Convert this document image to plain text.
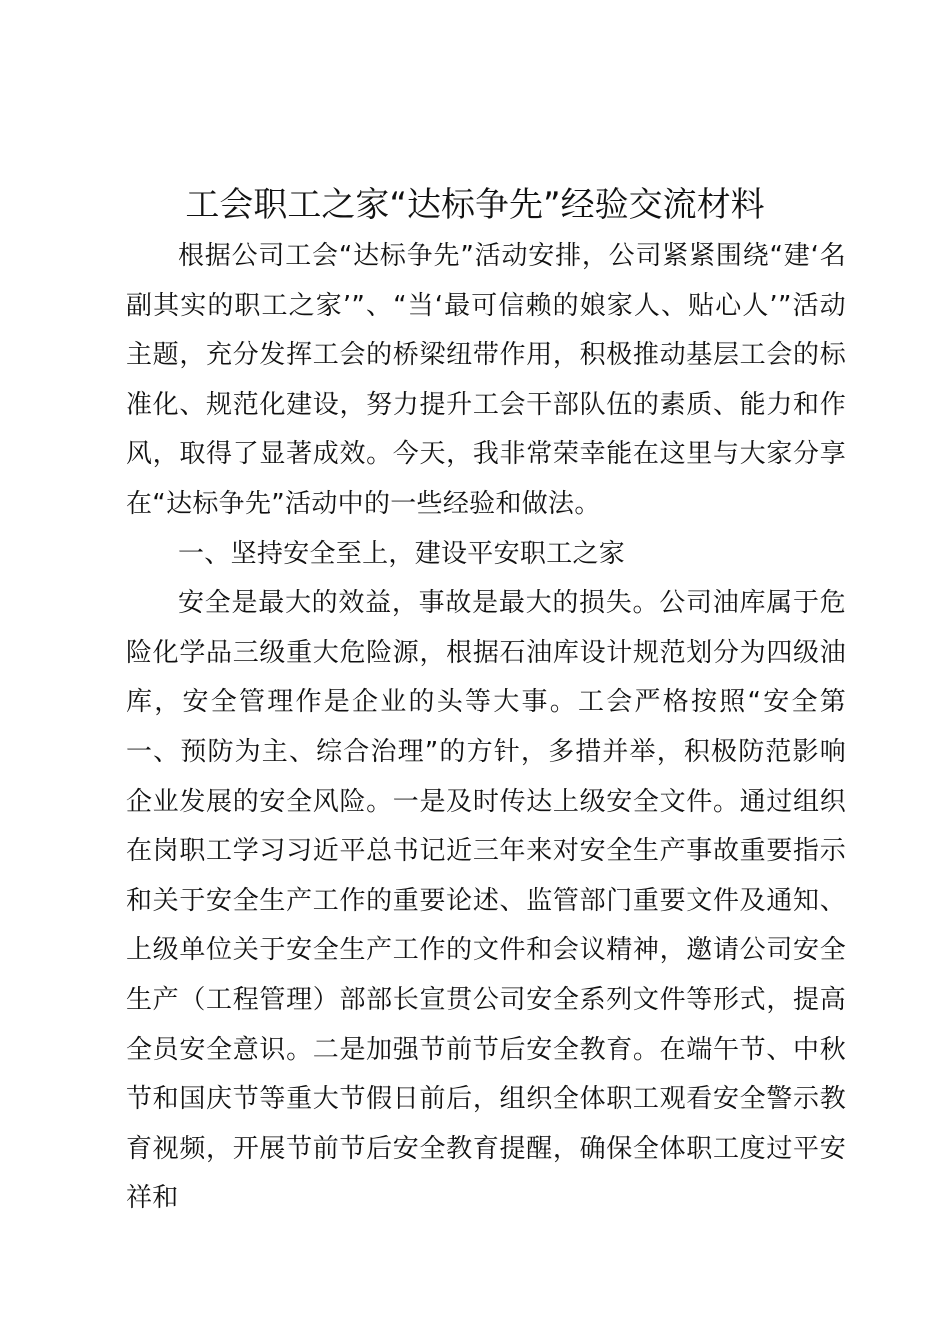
工会职工之家“达标争先”经验交流材料

根据公司工会“达标争先”活动安排，公司紧紧围绕“建‘名副其实的职工之家’”、“当‘最可信赖的娘家人、贴心人’”活动主题，充分发挥工会的桥梁纽带作用，积极推动基层工会的标准化、规范化建设，努力提升工会干部队伍的素质、能力和作风，取得了显著成效。今天，我非常荣幸能在这里与大家分享在“达标争先”活动中的一些经验和做法。

一、坚持安全至上，建设平安职工之家

安全是最大的效益，事故是最大的损失。公司油库属于危险化学品三级重大危险源，根据石油库设计规范划分为四级油库，安全管理作是企业的头等大事。工会严格按照“安全第一、预防为主、综合治理”的方针，多措并举，积极防范影响企业发展的安全风险。一是及时传达上级安全文件。通过组织在岗职工学习习近平总书记近三年来对安全生产事故重要指示和关于安全生产工作的重要论述、监管部门重要文件及通知、上级单位关于安全生产工作的文件和会议精神，邀请公司安全生产（工程管理）部部长宣贯公司安全系列文件等形式，提高全员安全意识。二是加强节前节后安全教育。在端午节、中秋节和国庆节等重大节假日前后，组织全体职工观看安全警示教育视频，开展节前节后安全教育提醒，确保全体职工度过平安祥和
